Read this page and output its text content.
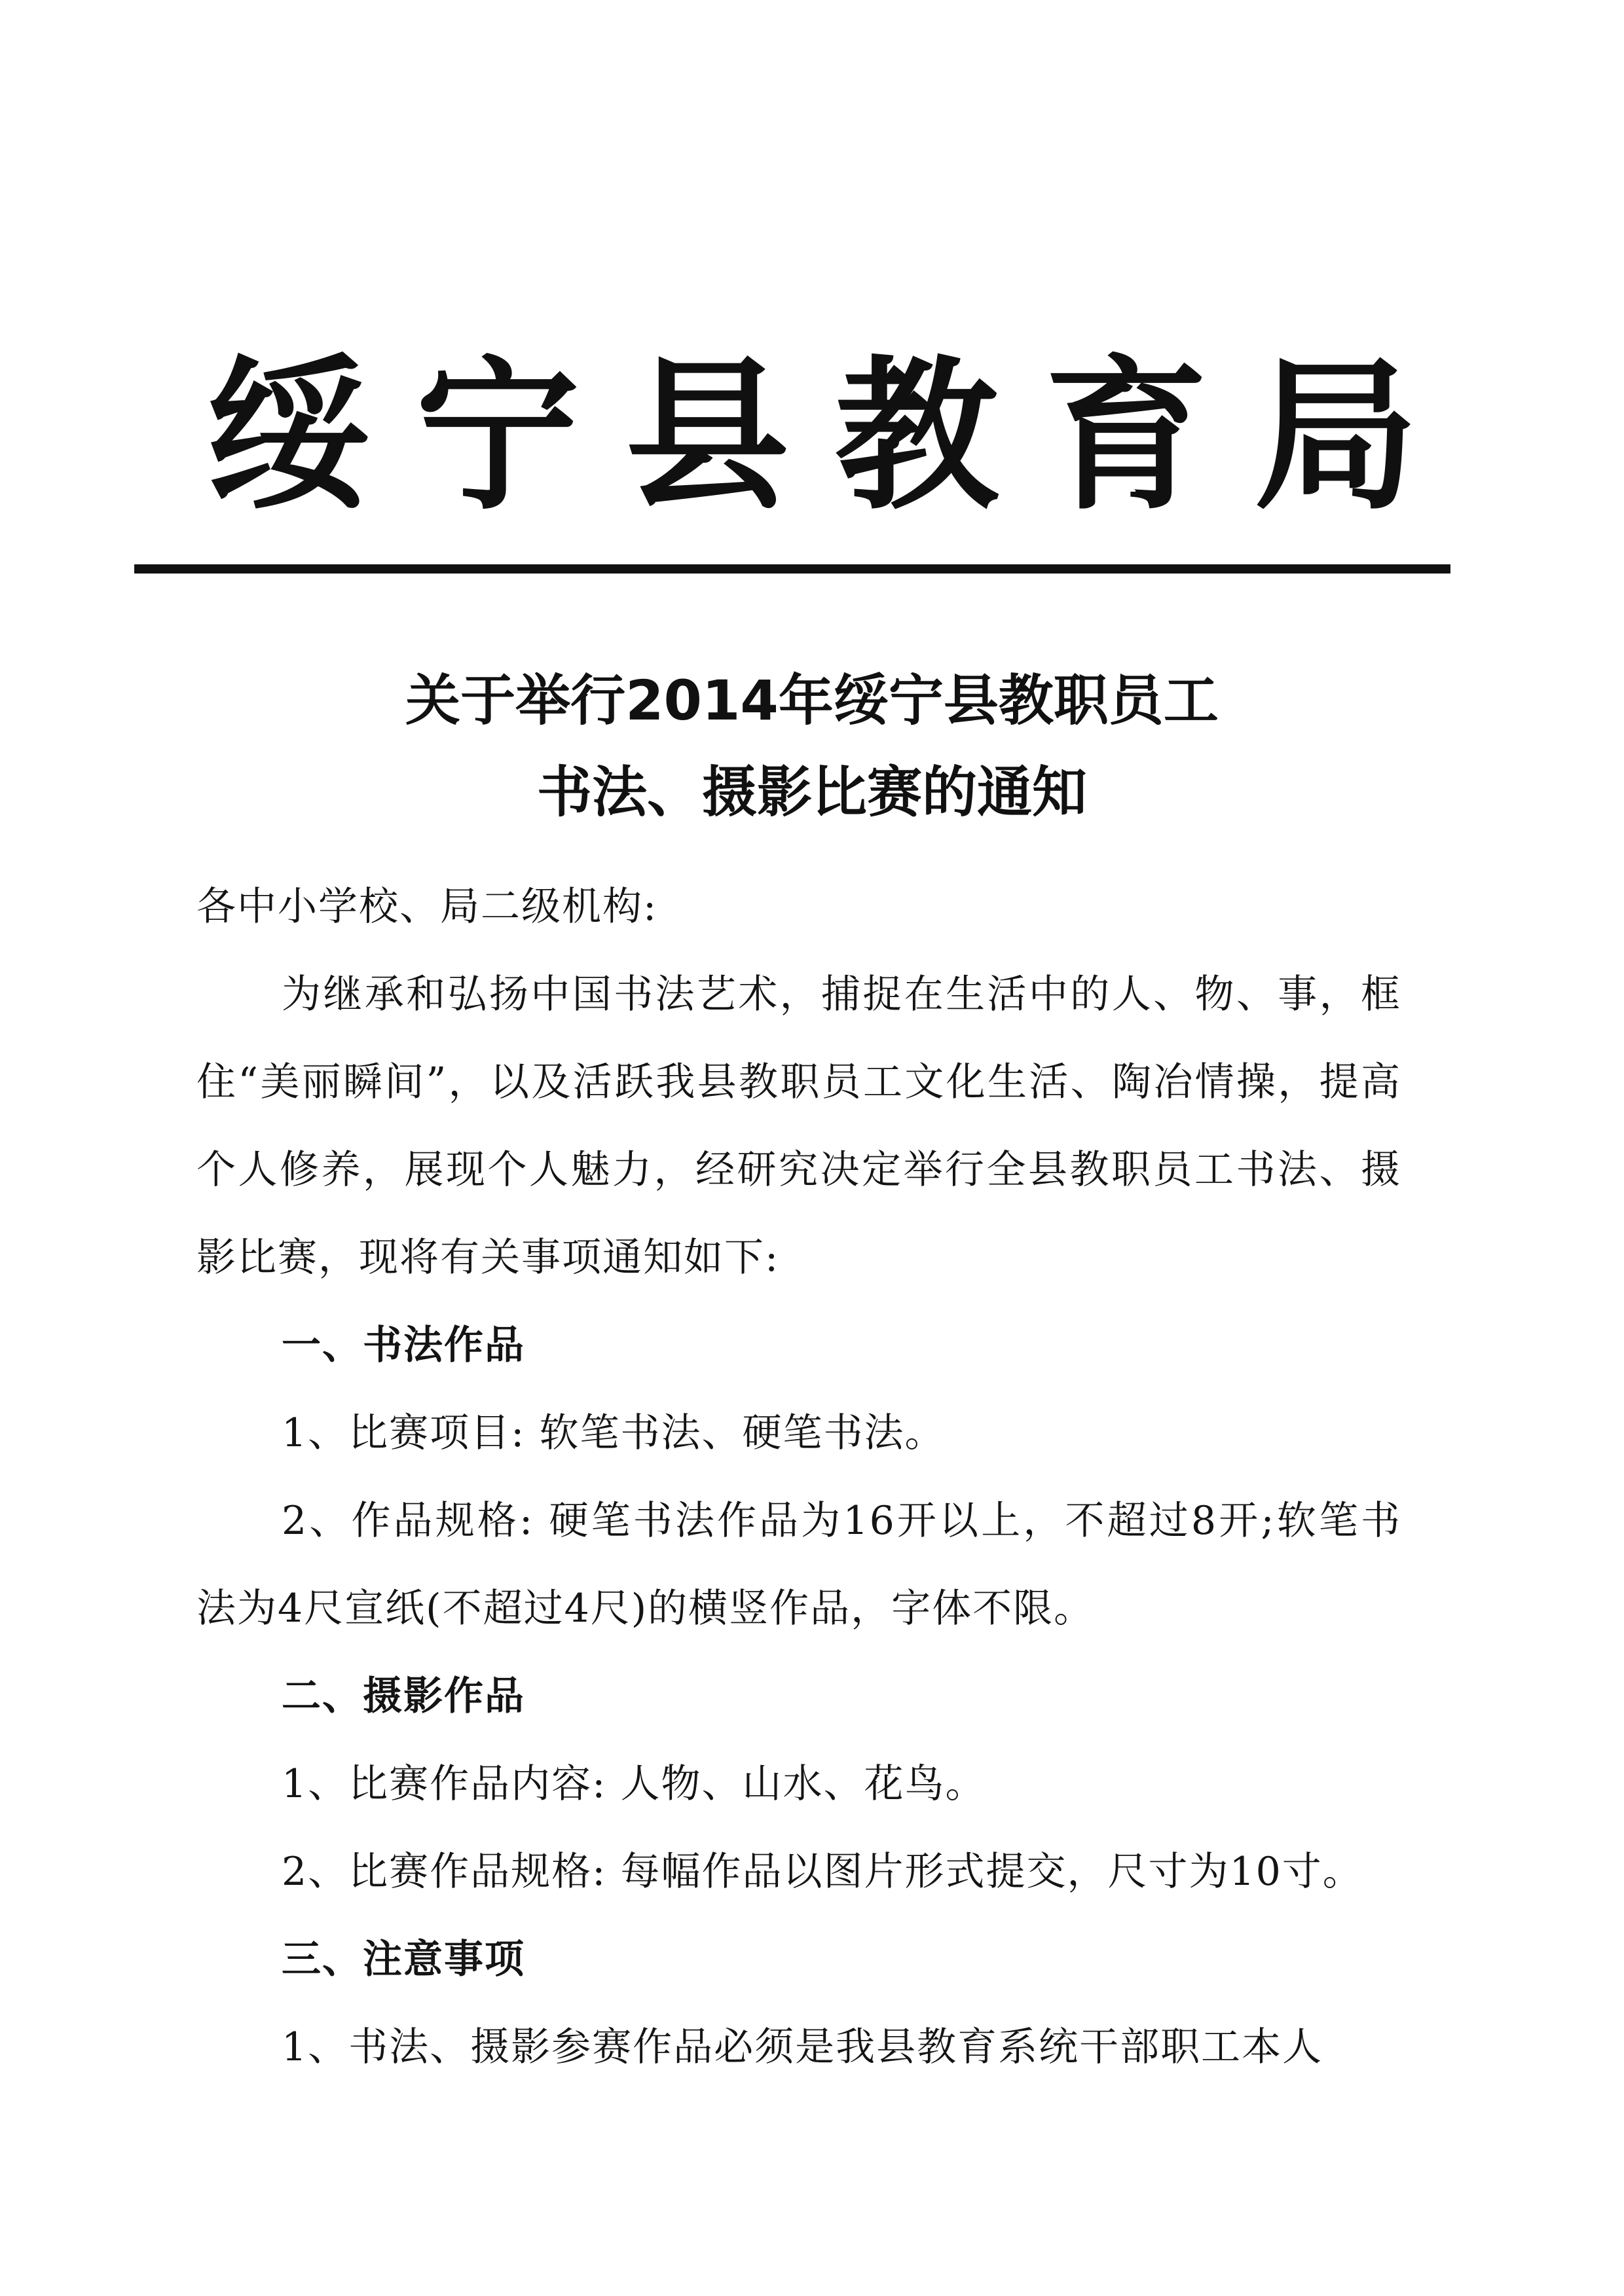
绥宁县教育局
关于举行2014年绥宁县教职员工
书法、摄影比赛的通知

各中小学校、局二级机构:

为继承和弘扬中国书法艺术，捕捉在生活中的人、物、事，框住“美丽瞬间”，以及活跃我县教职员工文化生活、陶冶情操，提高个人修养，展现个人魅力，经研究决定举行全县教职员工书法、摄影比赛，现将有关事项通知如下:

一、书法作品

1、比赛项目: 软笔书法、硬笔书法。

2、作品规格: 硬笔书法作品为16开以上，不超过8开;软笔书法为4尺宣纸(不超过4尺)的横竖作品，字体不限。

二、摄影作品

1、比赛作品内容: 人物、山水、花鸟。

2、比赛作品规格: 每幅作品以图片形式提交，尺寸为10寸。

三、注意事项

1、书法、摄影参赛作品必须是我县教育系统干部职工本人
